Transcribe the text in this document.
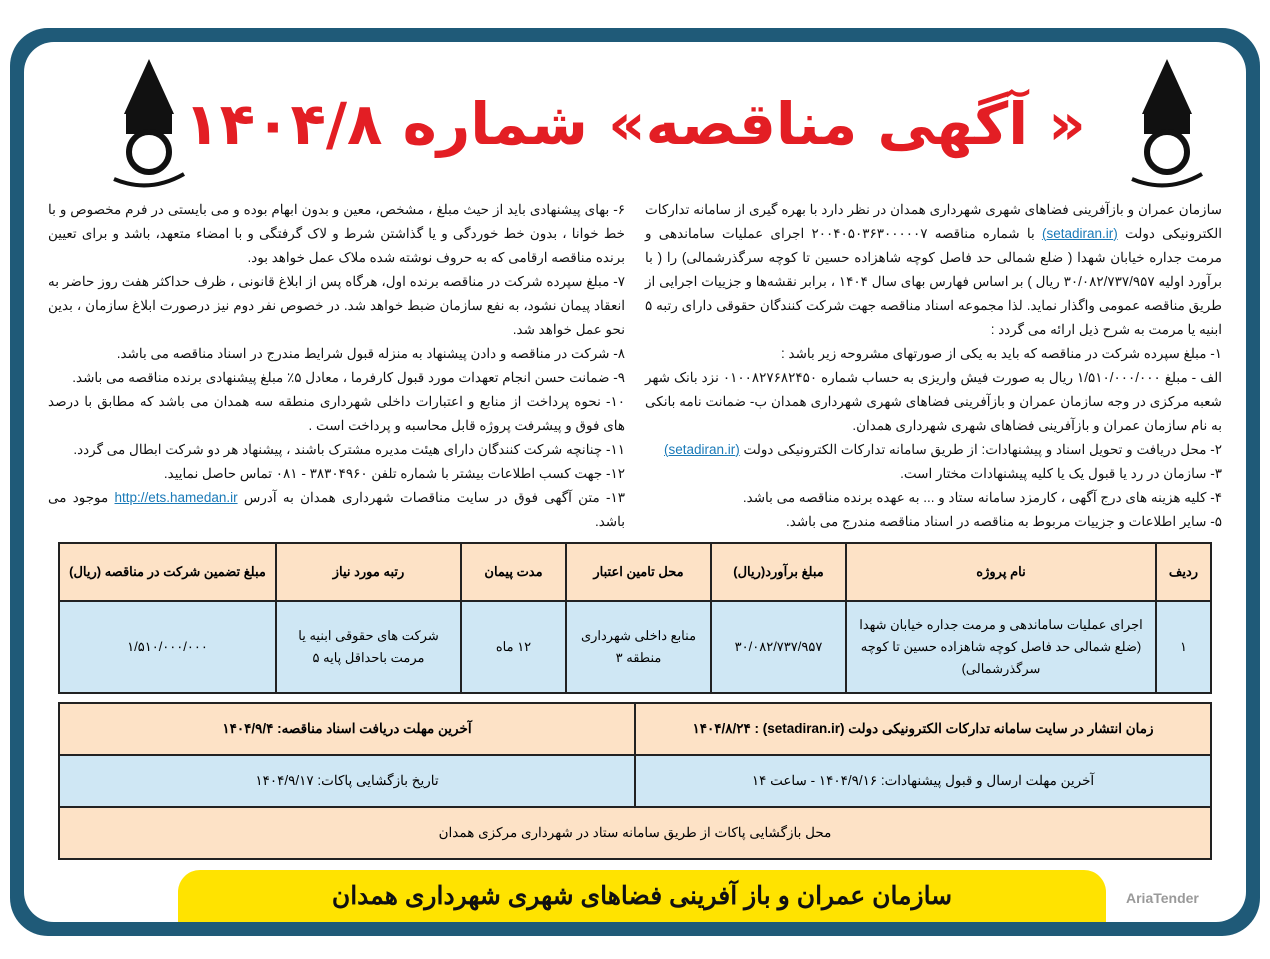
« آگهی مناقصه» شماره ۱۴۰۴/۸
سازمان عمران و بازآفرینی فضاهای شهری شهرداری همدان در نظر دارد با بهره گیری از سامانه تدارکات الکترونیکی دولت (setadiran.ir) با شماره مناقصه ۲۰۰۴۰۵۰۳۶۳۰۰۰۰۰۷ اجرای عملیات ساماندهی و مرمت جداره خیابان شهدا ( ضلع شمالی حد فاصل کوچه شاهزاده حسین تا کوچه سرگذرشمالی) را ( با برآورد اولیه ۳۰/۰۸۲/۷۳۷/۹۵۷ ریال ) بر اساس فهارس بهای سال ۱۴۰۴ ، برابر نقشه‌ها و جزییات اجرایی از طریق مناقصه عمومی واگذار نماید. لذا مجموعه اسناد مناقصه جهت شرکت کنندگان حقوقی دارای رتبه ۵ ابنیه یا مرمت به شرح ذیل ارائه می گردد :
۱- مبلغ سپرده شرکت در مناقصه که باید به یکی از صورتهای مشروحه زیر باشد :
الف - مبلغ ۱/۵۱۰/۰۰۰/۰۰۰ ریال به صورت فیش واریزی به حساب شماره ۰۱۰۰۸۲۷۶۸۲۴۵۰ نزد بانک شهر شعبه مرکزی در وجه سازمان عمران و بازآفرینی فضاهای شهری شهرداری همدان ب- ضمانت نامه بانکی به نام سازمان عمران و بازآفرینی فضاهای شهری شهرداری همدان.
۲- محل دریافت و تحویل اسناد و پیشنهادات: از طریق سامانه تدارکات الکترونیکی دولت (setadiran.ir)
۳- سازمان در رد یا قبول یک یا کلیه پیشنهادات مختار است.
۴- کلیه هزینه های درج آگهی ، کارمزد سامانه ستاد و ... به عهده برنده مناقصه می باشد.
۵- سایر اطلاعات و جزییات مربوط به مناقصه در اسناد مناقصه مندرج می باشد.
۶- بهای پیشنهادی باید از حیث مبلغ ، مشخص، معین و بدون ابهام بوده و می بایستی در فرم مخصوص و با خط خوانا ، بدون خط خوردگی و یا گذاشتن شرط و لاک گرفتگی و با امضاء متعهد، باشد و برای تعیین برنده مناقصه ارقامی که به حروف نوشته شده ملاک عمل خواهد بود.
۷- مبلغ سپرده شرکت در مناقصه برنده اول، هرگاه پس از ابلاغ قانونی ، ظرف حداکثر هفت روز حاضر به انعقاد پیمان نشود، به نفع سازمان ضبط خواهد شد. در خصوص نفر دوم نیز درصورت ابلاغ سازمان ، بدین نحو عمل خواهد شد.
۸- شرکت در مناقصه و دادن پیشنهاد به منزله قبول شرایط مندرج در اسناد مناقصه می باشد.
۹- ضمانت حسن انجام تعهدات مورد قبول کارفرما ، معادل ۵٪ مبلغ پیشنهادی برنده مناقصه می باشد.
۱۰- نحوه پرداخت از منابع و اعتبارات داخلی شهرداری منطقه سه همدان می باشد که مطابق با درصد های فوق و پیشرفت پروژه قابل محاسبه و پرداخت است .
۱۱- چنانچه شرکت کنندگان دارای هیئت مدیره مشترک باشند ، پیشنهاد هر دو شرکت ابطال می گردد.
۱۲- جهت کسب اطلاعات بیشتر با شماره تلفن ۳۸۳۰۴۹۶۰ - ۰۸۱ تماس حاصل نمایید.
۱۳- متن آگهی فوق در سایت مناقصات شهرداری همدان به آدرس http://ets.hamedan.ir موجود می باشد.
ردیف	نام پروژه	مبلغ برآورد(ریال)	محل تامین اعتبار	مدت پیمان	رتبه مورد نیاز	مبلغ تضمین شرکت در مناقصه (ریال)
۱	اجرای عملیات ساماندهی و مرمت جداره خیابان شهدا (ضلع شمالی حد فاصل کوچه شاهزاده حسین تا کوچه سرگذرشمالی)	۳۰/۰۸۲/۷۳۷/۹۵۷	منابع داخلی شهرداری منطقه ۳	۱۲ ماه	شرکت های حقوقی ابنیه یا مرمت باحداقل پایه ۵	۱/۵۱۰/۰۰۰/۰۰۰
زمان انتشار در سایت سامانه تدارکات الکترونیکی دولت (setadiran.ir) : ۱۴۰۴/۸/۲۴	آخرین مهلت دریافت اسناد مناقصه: ۱۴۰۴/۹/۴
آخرین مهلت ارسال و قبول پیشنهادات: ۱۴۰۴/۹/۱۶ - ساعت ۱۴	تاریخ بازگشایی پاکات: ۱۴۰۴/۹/۱۷
محل بازگشایی پاکات از طریق سامانه ستاد در شهرداری مرکزی همدان	
سازمان عمران و باز آفرینی فضاهای شهری شهرداری همدان	AriaTender
